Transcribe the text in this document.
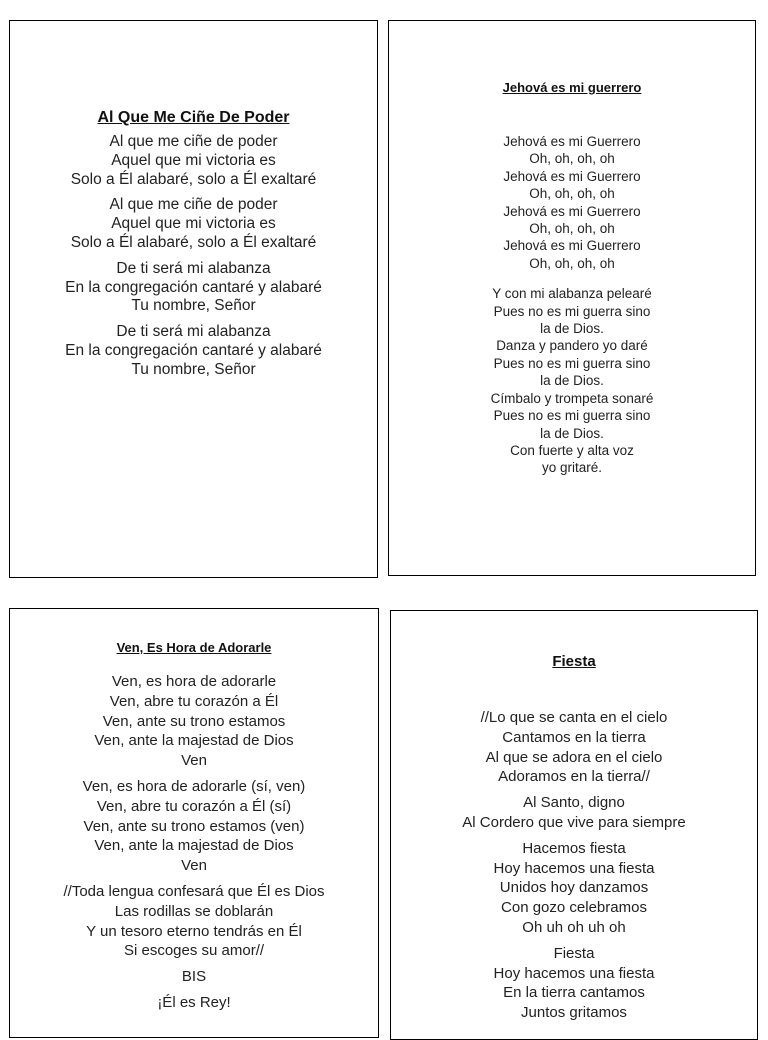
Al Que Me Ciñe De Poder
Al que me ciñe de poder
Aquel que mi victoria es
Solo a Él alabaré, solo a Él exaltaré
Al que me ciñe de poder
Aquel que mi victoria es
Solo a Él alabaré, solo a Él exaltaré
De ti será mi alabanza
En la congregación cantaré y alabaré
Tu nombre, Señor
De ti será mi alabanza
En la congregación cantaré y alabaré
Tu nombre, Señor
Jehová es mi guerrero
Jehová es mi Guerrero
Oh, oh, oh, oh
Jehová es mi Guerrero
Oh, oh, oh, oh
Jehová es mi Guerrero
Oh, oh, oh, oh
Jehová es mi Guerrero
Oh, oh, oh, oh
Y con mi alabanza pelearé
Pues no es mi guerra sino
la de Dios.
Danza y pandero yo daré
Pues no es mi guerra sino
la de Dios.
Címbalo y trompeta sonaré
Pues no es mi guerra sino
la de Dios.
Con fuerte y alta voz
yo gritaré.
Ven, Es Hora de Adorarle
Ven, es hora de adorarle
Ven, abre tu corazón a Él
Ven, ante su trono estamos
Ven, ante la majestad de Dios
Ven
Ven, es hora de adorarle (sí, ven)
Ven, abre tu corazón a Él (sí)
Ven, ante su trono estamos (ven)
Ven, ante la majestad de Dios
Ven
//Toda lengua confesará que Él es Dios
Las rodillas se doblarán
Y un tesoro eterno tendrás en Él
Si escoges su amor//
BIS
¡Él es Rey!
Fiesta
//Lo que se canta en el cielo
Cantamos en la tierra
Al que se adora en el cielo
Adoramos en la tierra//
Al Santo, digno
Al Cordero que vive para siempre
Hacemos fiesta
Hoy hacemos una fiesta
Unidos hoy danzamos
Con gozo celebramos
Oh uh oh uh oh
Fiesta
Hoy hacemos una fiesta
En la tierra cantamos
Juntos gritamos
